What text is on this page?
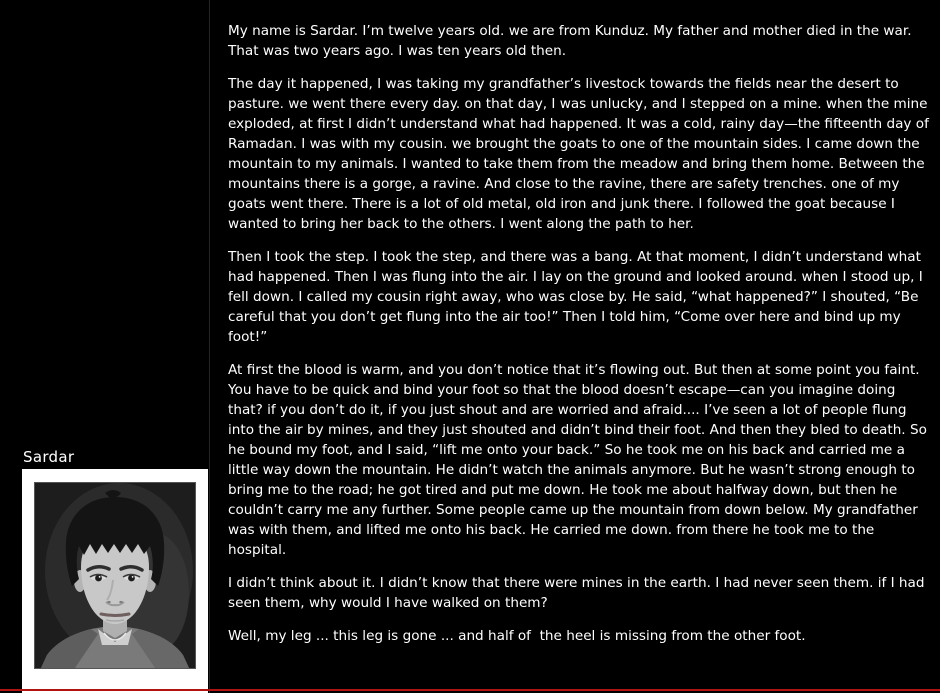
Sardar

My name is Sardar. I’m twelve years old. we are from Kunduz. My father and mother died in the war. That was two years ago. I was ten years old then.

The day it happened, I was taking my grandfather’s livestock towards the fields near the desert to pasture. we went there every day. on that day, I was unlucky, and I stepped on a mine. when the mine exploded, at first I didn’t understand what had happened. It was a cold, rainy day—the fifteenth day of Ramadan. I was with my cousin. we brought the goats to one of the mountain sides. I came down the mountain to my animals. I wanted to take them from the meadow and bring them home. Between the mountains there is a gorge, a ravine. And close to the ravine, there are safety trenches. one of my goats went there. There is a lot of old metal, old iron and junk there. I followed the goat because I wanted to bring her back to the others. I went along the path to her.

Then I took the step. I took the step, and there was a bang. At that moment, I didn’t understand what had happened. Then I was flung into the air. I lay on the ground and looked around. when I stood up, I fell down. I called my cousin right away, who was close by. He said, “what happened?” I shouted, “Be careful that you don’t get flung into the air too!” Then I told him, “Come over here and bind up my foot!”

At first the blood is warm, and you don’t notice that it’s flowing out. But then at some point you faint. You have to be quick and bind your foot so that the blood doesn’t escape—can you imagine doing that? if you don’t do it, if you just shout and are worried and afraid.... I’ve seen a lot of people flung into the air by mines, and they just shouted and didn’t bind their foot. And then they bled to death. So he bound my foot, and I said, “lift me onto your back.” So he took me on his back and carried me a little way down the mountain. He didn’t watch the animals anymore. But he wasn’t strong enough to bring me to the road; he got tired and put me down. He took me about halfway down, but then he couldn’t carry me any further. Some people came up the mountain from down below. My grandfather was with them, and lifted me onto his back. He carried me down. from there he took me to the hospital.

I didn’t think about it. I didn’t know that there were mines in the earth. I had never seen them. if I had seen them, why would I have walked on them?

Well, my leg ... this leg is gone ... and half of  the heel is missing from the other foot.
